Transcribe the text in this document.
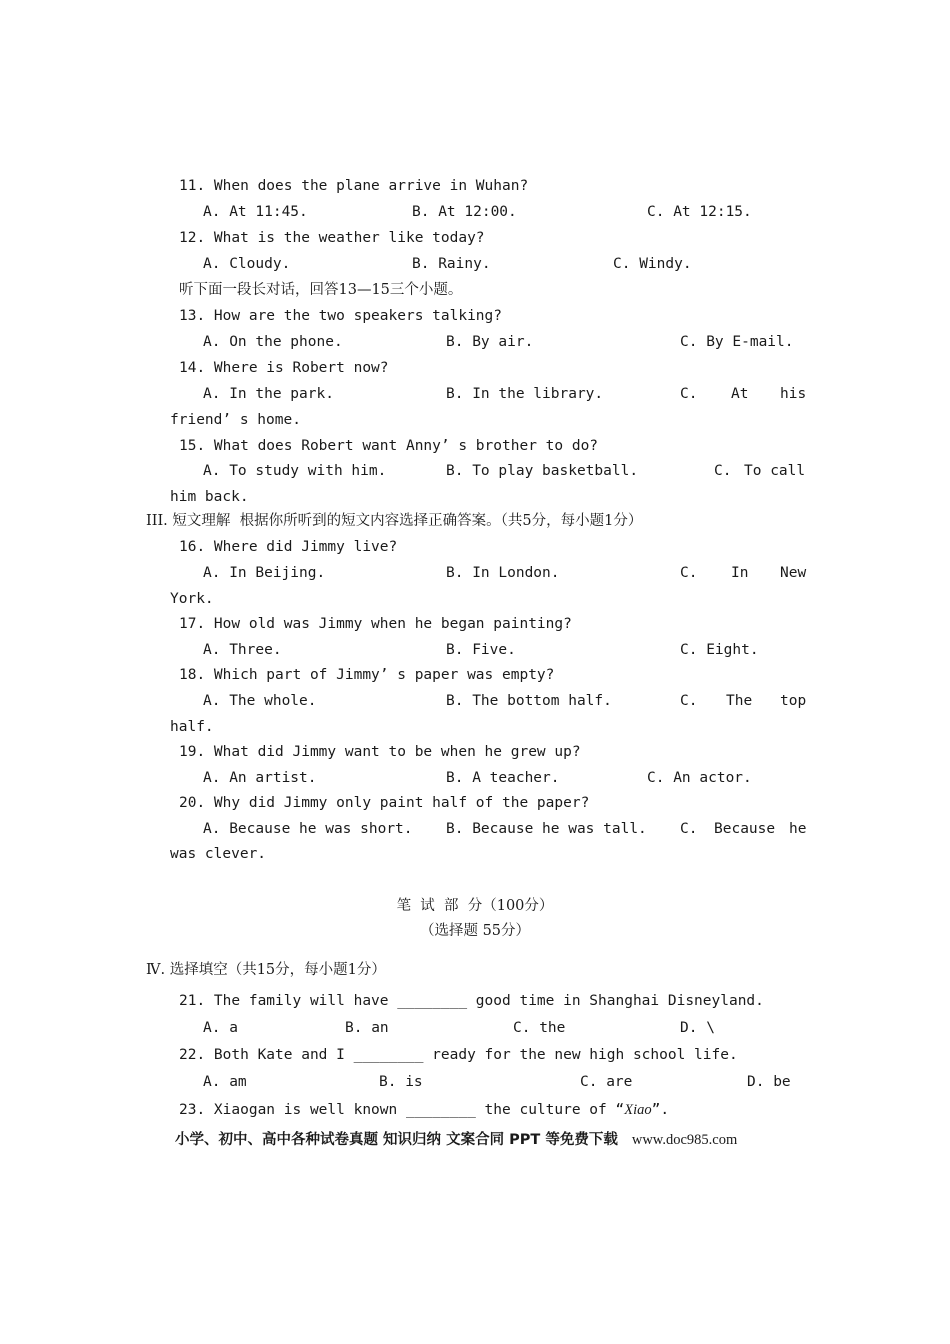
11. When does the plane arrive in Wuhan?
A. At 11:45.	B. At 12:00.	C. At 12:15.
12. What is the weather like today?
A. Cloudy.	B. Rainy.	C. Windy.
听下面一段长对话，回答13—15三个小题。
13. How are the two speakers talking?
A. On the phone.	B. By air.	C. By E-mail.
14. Where is Robert now?
A. In the park.	B. In the library.	C. At his
friend’ s home.
15. What does Robert want Anny’ s brother to do?
A. To study with him.	B. To play basketball.	C. To call
him back.
III. 短文理解  根据你所听到的短文内容选择正确答案。（共5分，每小题1分）
16. Where did Jimmy live?
A. In Beijing.	B. In London.	C. In New
York.
17. How old was Jimmy when he began painting?
A. Three.	B. Five.	C. Eight.
18. Which part of Jimmy’ s paper was empty?
A. The whole.	B. The bottom half.	C. The top
half.
19. What did Jimmy want to be when he grew up?
A. An artist.	B. A teacher.	C. An actor.
20. Why did Jimmy only paint half of the paper?
A. Because he was short. B. Because he was tall. C. Because he
was clever.
笔  试  部  分（100分）
（选择题 55分）
Ⅳ. 选择填空（共15分，每小题1分）
21. The family will have ________ good time in Shanghai Disneyland.
A. a	B. an	C. the	D. \
22. Both Kate and I ________ ready for the new high school life.
A. am	B. is	C. are	D. be
23. Xiaogan is well known ________ the culture of “Xiao”.
小学、初中、高中各种试卷真题 知识归纳 文案合同 PPT 等免费下载 www.doc985.com
